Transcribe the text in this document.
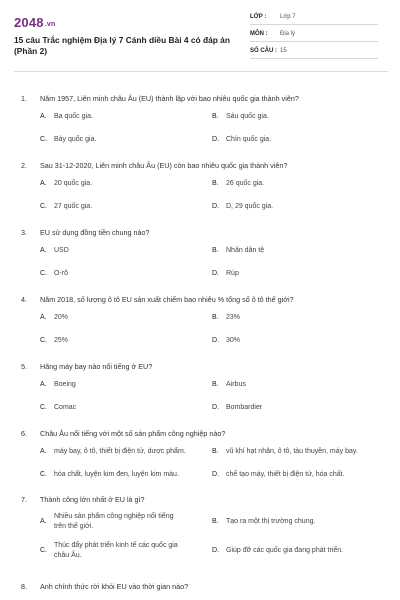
2048.vn
15 câu Trắc nghiệm Địa lý 7 Cánh diều Bài 4 có đáp án (Phần 2)
LỚP :	Lớp 7
MÔN :	Địa lý
SỐ CÂU : 15
1.	Năm 1957, Liên minh châu Âu (EU) thành lập với bao nhiêu quốc gia thành viên?
A.	Ba quốc gia.	B.	Sáu quốc gia.
C.	Bảy quốc gia.	D.	Chín quốc gia.
2.	Sau 31-12-2020, Liên minh châu Âu (EU) còn bao nhiêu quốc gia thành viên?
A.	20 quốc gia.	B.	26 quốc gia.
C.	27 quốc gia.	D.	D, 29 quốc gia.
3.	EU sử dụng đồng tiền chung nào?
A.	USD	B.	Nhân dân tệ
C.	O-rô	D.	Rúp
4.	Năm 2018, số lượng ô tô EU sản xuất chiếm bao nhiêu % tổng số ô tô thế giới?
A.	20%	B.	23%
C.	25%	D.	30%
5.	Hãng máy bay nào nổi tiếng ở EU?
A.	Boeing	B.	Airbus
C.	Comac	D.	Bombardier
6.	Châu Âu nổi tiếng với một số sản phẩm công nghiệp nào?
A.	máy bay, ô tô, thiết bị điện tử, dược phẩm.	B.	vũ khí hạt nhân, ô tô, tàu thuyền, máy bay.
C.	hóa chất, luyện kim đen, luyện kim màu.	D.	chế tạo máy, thiết bị điện tử, hóa chất.
7.	Thành công lớn nhất ở EU là gì?
A.
Nhiều sản phẩm công nghiệp nổi tiếng trên thế giới.
B.	Tạo ra một thị trường chung.
C.
Thúc đẩy phát triển kinh tế các quốc gia châu Âu.
D.	Giúp đỡ các quốc gia đang phát triển.
8.	Anh chính thức rời khỏi EU vào thời gian nào?
